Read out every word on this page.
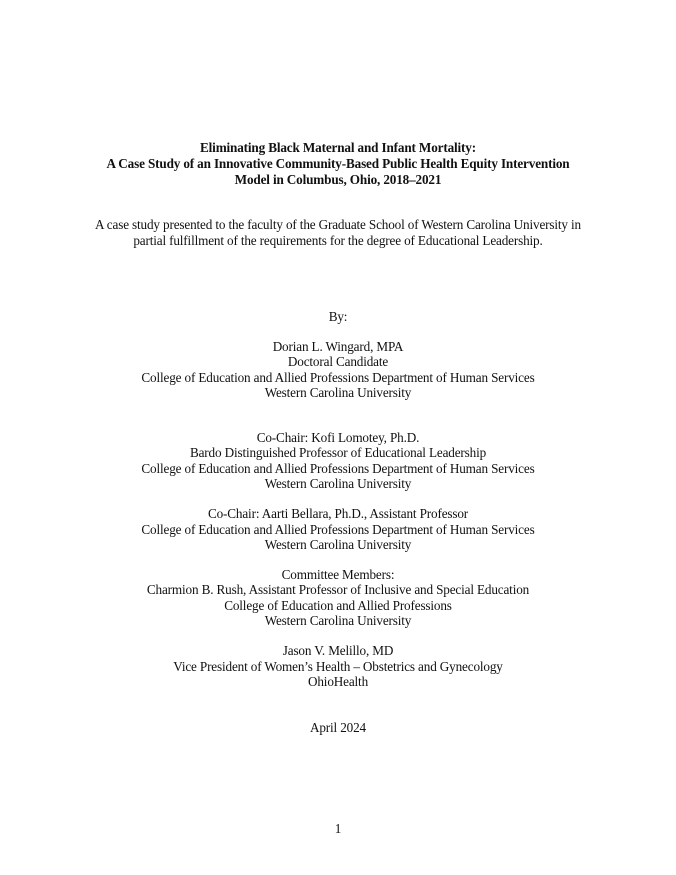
Eliminating Black Maternal and Infant Mortality:
A Case Study of an Innovative Community-Based Public Health Equity Intervention
Model in Columbus, Ohio, 2018–2021
A case study presented to the faculty of the Graduate School of Western Carolina University in
partial fulfillment of the requirements for the degree of Educational Leadership.
By:
Dorian L. Wingard, MPA
Doctoral Candidate
College of Education and Allied Professions Department of Human Services
Western Carolina University
Co-Chair: Kofi Lomotey, Ph.D.
Bardo Distinguished Professor of Educational Leadership
College of Education and Allied Professions Department of Human Services
Western Carolina University
Co-Chair: Aarti Bellara, Ph.D., Assistant Professor
College of Education and Allied Professions Department of Human Services
Western Carolina University
Committee Members:
Charmion B. Rush, Assistant Professor of Inclusive and Special Education
College of Education and Allied Professions
Western Carolina University
Jason V. Melillo, MD
Vice President of Women’s Health – Obstetrics and Gynecology
OhioHealth
April 2024
1
